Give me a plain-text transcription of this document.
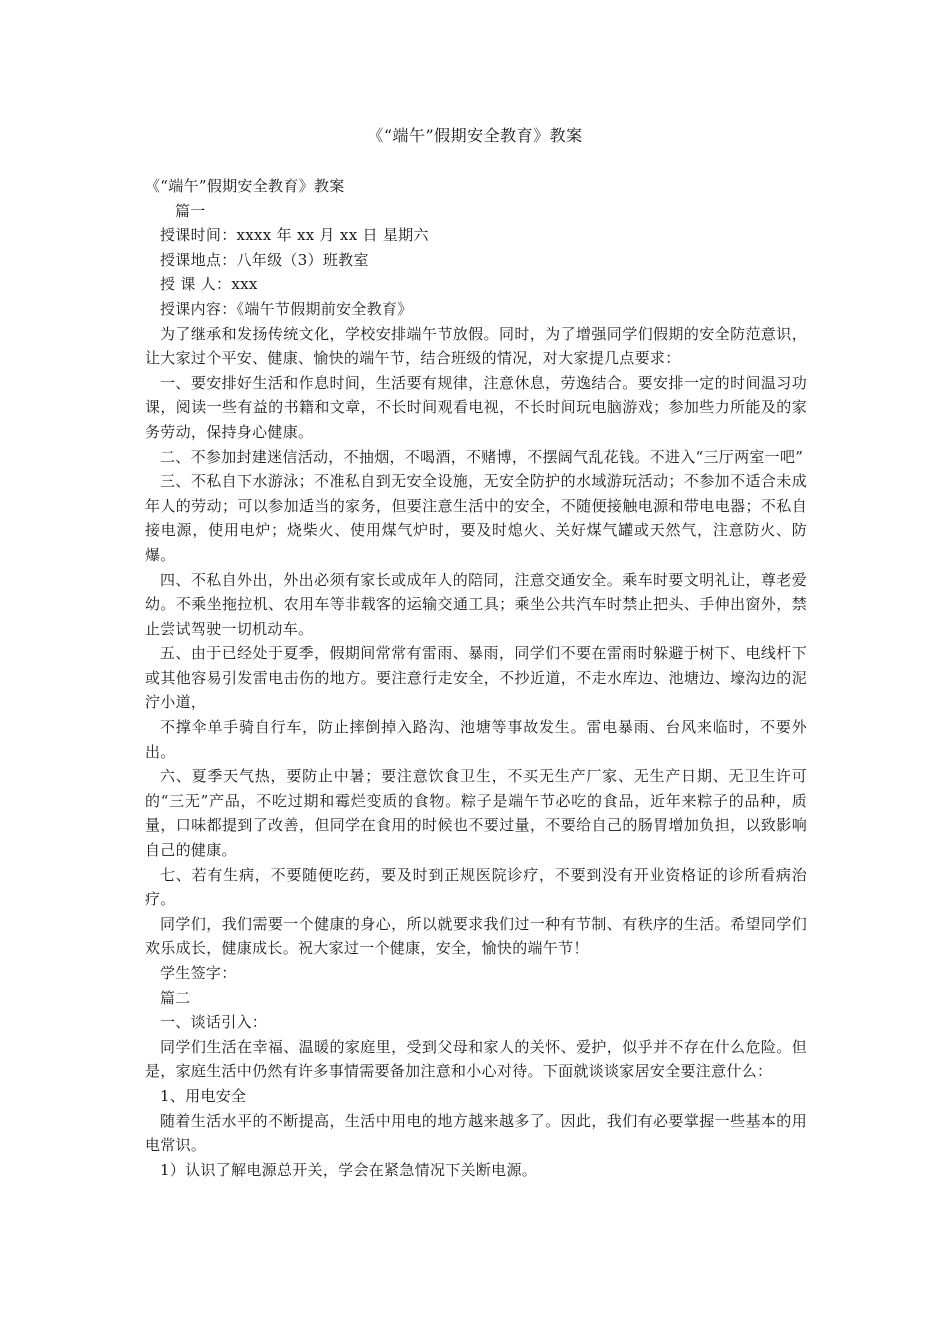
《“端午”假期安全教育》教案

《“端午”假期安全教育》教案

篇一

授课时间：xxxx 年 xx 月 xx 日 星期六

授课地点：八年级（3）班教室

授 课 人：xxx

授课内容：《端午节假期前安全教育》

为了继承和发扬传统文化，学校安排端午节放假。同时，为了增强同学们假期的安全防范意识，让大家过个平安、健康、愉快的端午节，结合班级的情况，对大家提几点要求：

一、要安排好生活和作息时间，生活要有规律，注意休息，劳逸结合。要安排一定的时间温习功课，阅读一些有益的书籍和文章，不长时间观看电视，不长时间玩电脑游戏；参加些力所能及的家务劳动，保持身心健康。

二、不参加封建迷信活动，不抽烟，不喝酒，不赌博，不摆阔气乱花钱。不进入“三厅两室一吧”

三、不私自下水游泳；不准私自到无安全设施，无安全防护的水域游玩活动；不参加不适合未成年人的劳动；可以参加适当的家务，但要注意生活中的安全，不随便接触电源和带电电器；不私自接电源，使用电炉；烧柴火、使用煤气炉时，要及时熄火、关好煤气罐或天然气，注意防火、防爆。

四、不私自外出，外出必须有家长或成年人的陪同，注意交通安全。乘车时要文明礼让，尊老爱幼。不乘坐拖拉机、农用车等非载客的运输交通工具；乘坐公共汽车时禁止把头、手伸出窗外，禁止尝试驾驶一切机动车。

五、由于已经处于夏季，假期间常常有雷雨、暴雨，同学们不要在雷雨时躲避于树下、电线杆下或其他容易引发雷电击伤的地方。要注意行走安全，不抄近道，不走水库边、池塘边、壕沟边的泥泞小道，

不撑伞单手骑自行车，防止摔倒掉入路沟、池塘等事故发生。雷电暴雨、台风来临时，不要外出。

六、夏季天气热，要防止中暑；要注意饮食卫生，不买无生产厂家、无生产日期、无卫生许可的“三无”产品，不吃过期和霉烂变质的食物。粽子是端午节必吃的食品，近年来粽子的品种，质量，口味都提到了改善，但同学在食用的时候也不要过量，不要给自己的肠胃增加负担，以致影响自己的健康。

七、若有生病，不要随便吃药，要及时到正规医院诊疗，不要到没有开业资格证的诊所看病治疗。

同学们，我们需要一个健康的身心，所以就要求我们过一种有节制、有秩序的生活。希望同学们欢乐成长，健康成长。祝大家过一个健康，安全，愉快的端午节！

学生签字：

篇二

一、谈话引入：

同学们生活在幸福、温暖的家庭里，受到父母和家人的关怀、爱护，似乎并不存在什么危险。但是，家庭生活中仍然有许多事情需要备加注意和小心对待。下面就谈谈家居安全要注意什么：

1、用电安全

随着生活水平的不断提高，生活中用电的地方越来越多了。因此，我们有必要掌握一些基本的用电常识。

1）认识了解电源总开关，学会在紧急情况下关断电源。
